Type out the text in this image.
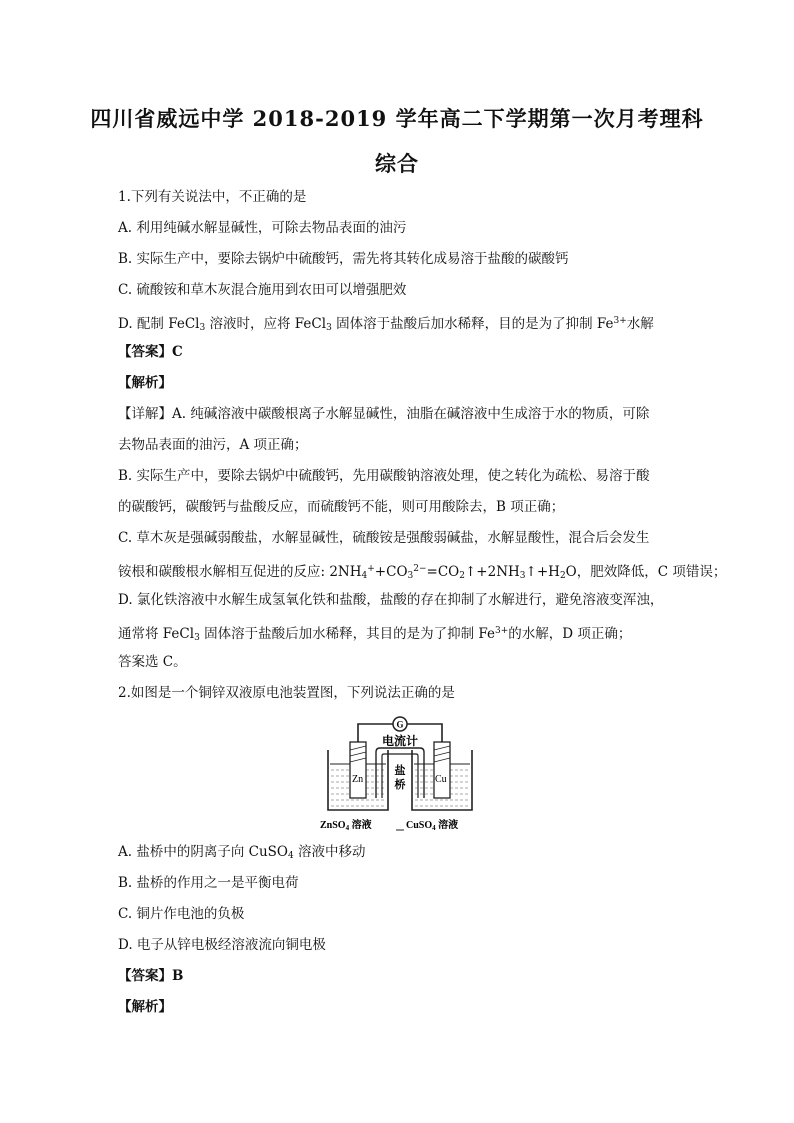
四川省威远中学 2018-2019 学年高二下学期第一次月考理科
综合
1.下列有关说法中，不正确的是
A. 利用纯碱水解显碱性，可除去物品表面的油污
B. 实际生产中，要除去锅炉中硫酸钙，需先将其转化成易溶于盐酸的碳酸钙
C. 硫酸铵和草木灰混合施用到农田可以增强肥效
D. 配制 FeCl$_3$ 溶液时，应将 FeCl$_3$ 固体溶于盐酸后加水稀释，目的是为了抑制 $Fe^{3+}$水解
【答案】C
【解析】
【详解】A. 纯碱溶液中碳酸根离子水解显碱性，油脂在碱溶液中生成溶于水的物质，可除
去物品表面的油污，A 项正确；
B. 实际生产中，要除去锅炉中硫酸钙，先用碳酸钠溶液处理，使之转化为疏松、易溶于酸
的碳酸钙，碳酸钙与盐酸反应，而硫酸钙不能，则可用酸除去，B 项正确；
C. 草木灰是强碱弱酸盐，水解显碱性，硫酸铵是强酸弱碱盐，水解显酸性，混合后会发生
铵根和碳酸根水解相互促进的反应: $2NH_4^++CO_3^{2-}=CO_2↑+2NH_3↑+H_2O$，肥效降低，C 项错误；
D. 氯化铁溶液中水解生成氢氧化铁和盐酸，盐酸的存在抑制了水解进行，避免溶液变浑浊，
通常将 FeCl$_3$ 固体溶于盐酸后加水稀释，其目的是为了抑制 $Fe^{3+}$的水解，D 项正确；
答案选 C。
2.如图是一个铜锌双液原电池装置图，下列说法正确的是
G
电流计
Zn	Cu
盐
桥
ZnSO$_4$ 溶液	CuSO$_4$ 溶液
A. 盐桥中的阴离子向 CuSO$_4$ 溶液中移动
B. 盐桥的作用之一是平衡电荷
C. 铜片作电池的负极
D. 电子从锌电极经溶液流向铜电极
【答案】B
【解析】
